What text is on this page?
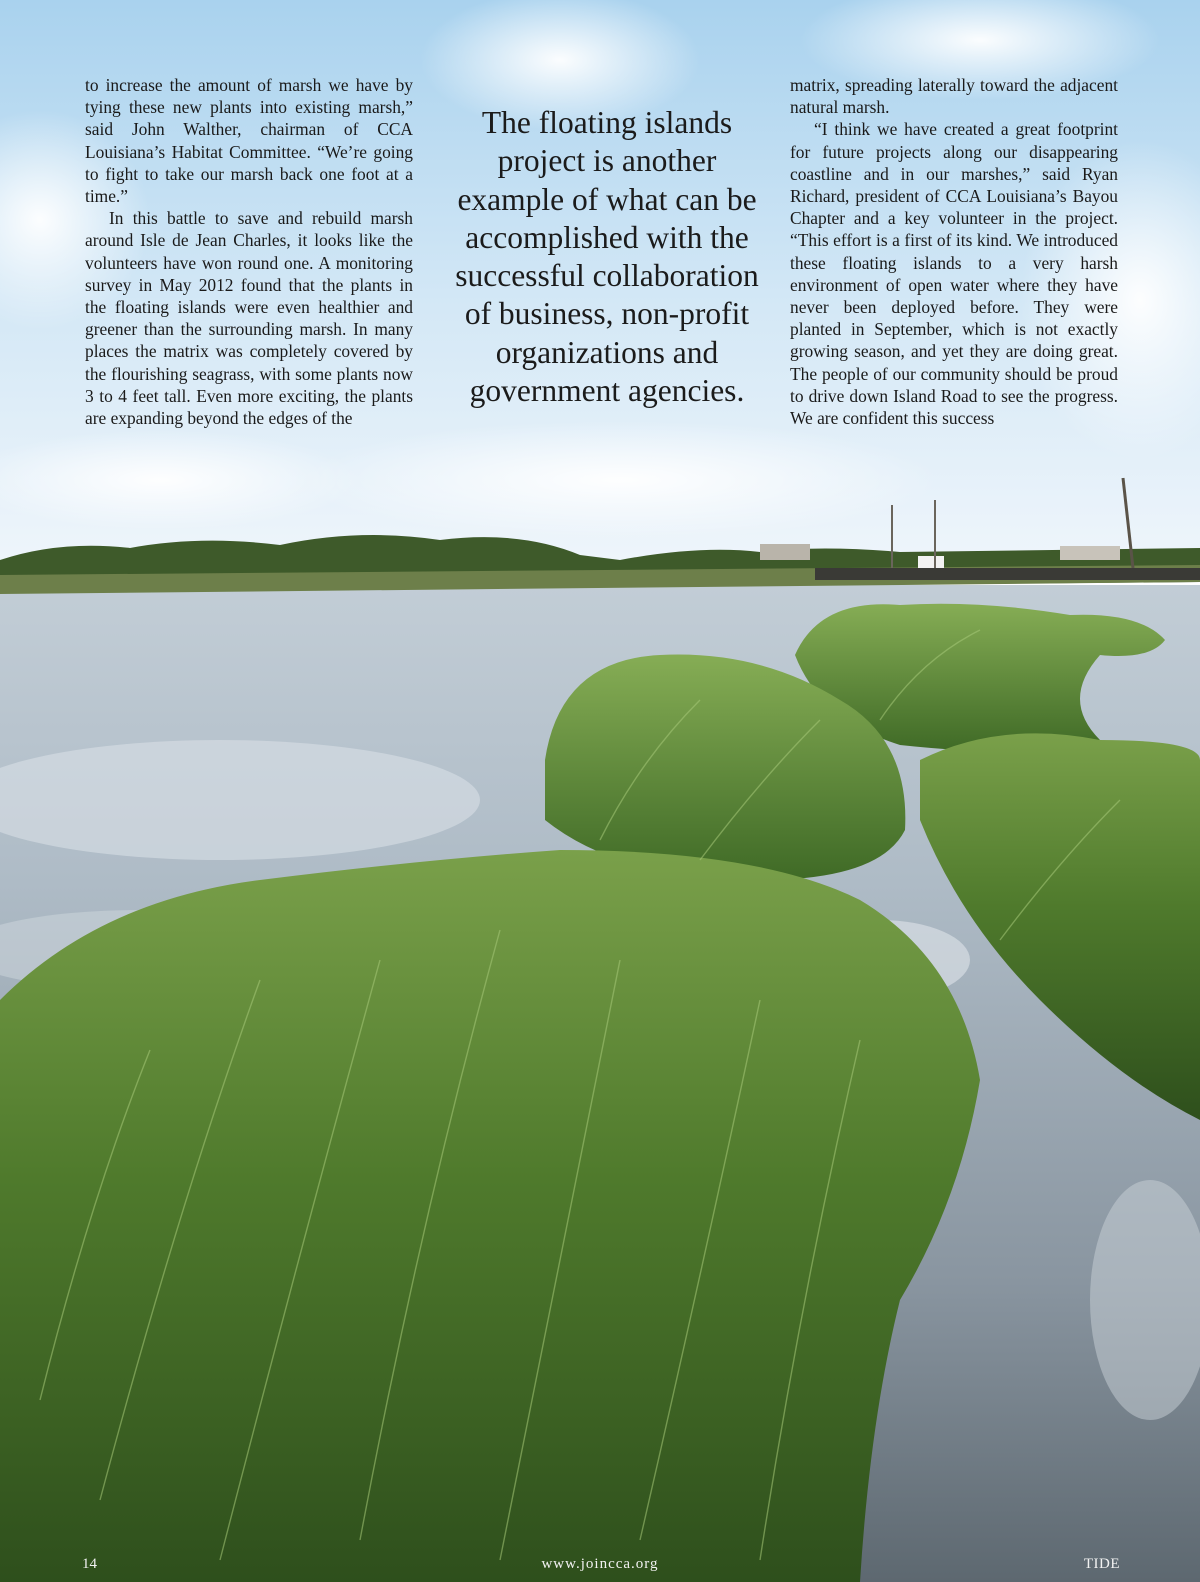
to increase the amount of marsh we have by tying these new plants into existing marsh,” said John Walther, chairman of CCA Louisiana’s Habitat Committee. “We’re going to fight to take our marsh back one foot at a time.”

In this battle to save and rebuild marsh around Isle de Jean Charles, it looks like the volunteers have won round one. A monitoring survey in May 2012 found that the plants in the floating islands were even healthier and greener than the surrounding marsh. In many places the matrix was completely covered by the flourishing seagrass, with some plants now 3 to 4 feet tall. Even more exciting, the plants are expanding beyond the edges of the

The floating islands project is another example of what can be accomplished with the successful collaboration of business, non-profit organizations and government agencies.

matrix, spreading laterally toward the adjacent natural marsh.

“I think we have created a great footprint for future projects along our disappearing coastline and in our marshes,” said Ryan Richard, president of CCA Louisiana’s Bayou Chapter and a key volunteer in the project. “This effort is a first of its kind. We introduced these floating islands to a very harsh environment of open water where they have never been deployed before. They were planted in September, which is not exactly growing season, and yet they are doing great. The people of our community should be proud to drive down Island Road to see the progress. We are confident this success

14	www.joincca.org	TIDE
